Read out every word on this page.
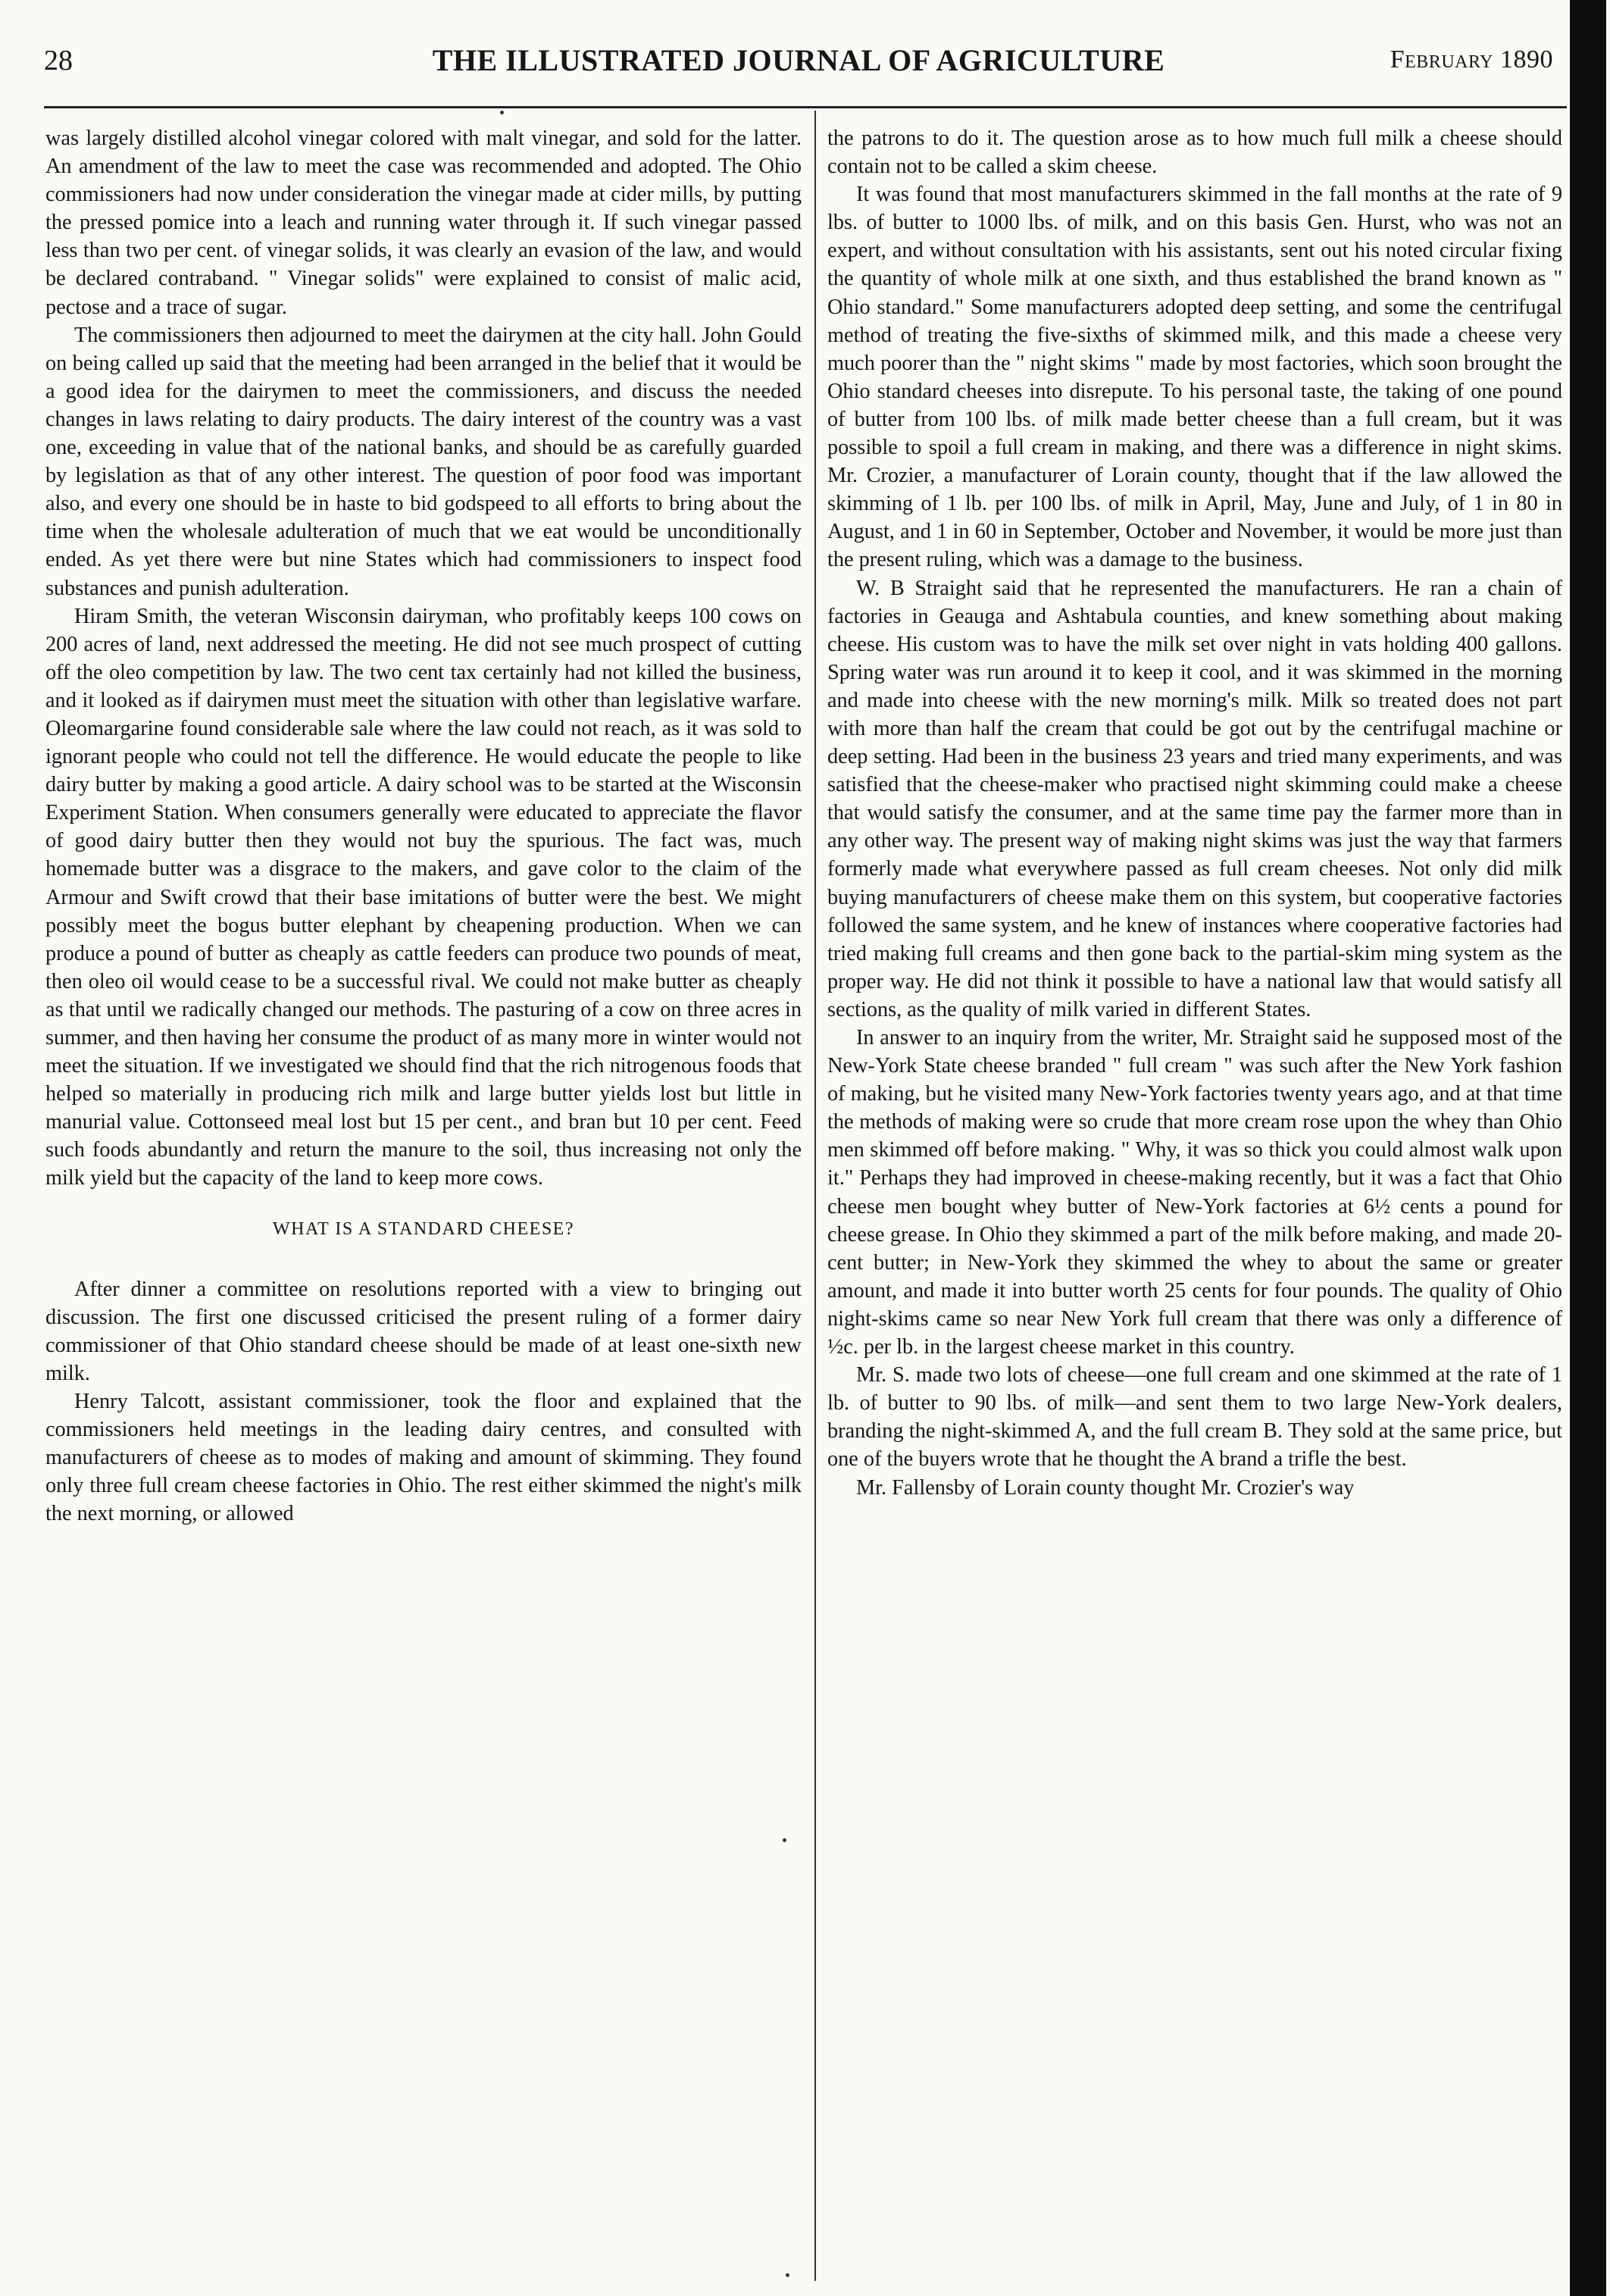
28	THE ILLUSTRATED JOURNAL OF AGRICULTURE	February 1890

was largely distilled alcohol vinegar colored with malt vinegar, and sold for the latter. An amendment of the law to meet the case was recommended and adopted. The Ohio commissioners had now under consideration the vinegar made at cider mills, by putting the pressed pomice into a leach and running water through it. If such vinegar passed less than two per cent. of vinegar solids, it was clearly an evasion of the law, and would be declared contraband. " Vinegar solids" were explained to consist of malic acid, pectose and a trace of sugar.

The commissioners then adjourned to meet the dairymen at the city hall. John Gould on being called up said that the meeting had been arranged in the belief that it would be a good idea for the dairymen to meet the commissioners, and discuss the needed changes in laws relating to dairy products. The dairy interest of the country was a vast one, exceeding in value that of the national banks, and should be as carefully guarded by legislation as that of any other interest. The question of poor food was important also, and every one should be in haste to bid godspeed to all efforts to bring about the time when the wholesale adulteration of much that we eat would be unconditionally ended. As yet there were but nine States which had commissioners to inspect food substances and punish adulteration.

Hiram Smith, the veteran Wisconsin dairyman, who profitably keeps 100 cows on 200 acres of land, next addressed the meeting. He did not see much prospect of cutting off the oleo competition by law. The two cent tax certainly had not killed the business, and it looked as if dairymen must meet the situation with other than legislative warfare. Oleomargarine found considerable sale where the law could not reach, as it was sold to ignorant people who could not tell the difference. He would educate the people to like dairy butter by making a good article. A dairy school was to be started at the Wisconsin Experiment Station. When consumers generally were educated to appreciate the flavor of good dairy butter then they would not buy the spurious. The fact was, much homemade butter was a disgrace to the makers, and gave color to the claim of the Armour and Swift crowd that their base imitations of butter were the best. We might possibly meet the bogus butter elephant by cheapening production. When we can produce a pound of butter as cheaply as cattle feeders can produce two pounds of meat, then oleo oil would cease to be a successful rival. We could not make butter as cheaply as that until we radically changed our methods. The pasturing of a cow on three acres in summer, and then having her consume the product of as many more in winter would not meet the situation. If we investigated we should find that the rich nitrogenous foods that helped so materially in producing rich milk and large butter yields lost but little in manurial value. Cottonseed meal lost but 15 per cent., and bran but 10 per cent. Feed such foods abundantly and return the manure to the soil, thus increasing not only the milk yield but the capacity of the land to keep more cows.

WHAT IS A STANDARD CHEESE?

After dinner a committee on resolutions reported with a view to bringing out discussion. The first one discussed criticised the present ruling of a former dairy commissioner of that Ohio standard cheese should be made of at least one-sixth new milk.

Henry Talcott, assistant commissioner, took the floor and explained that the commissioners held meetings in the leading dairy centres, and consulted with manufacturers of cheese as to modes of making and amount of skimming. They found only three full cream cheese factories in Ohio. The rest either skimmed the night's milk the next morning, or allowed

the patrons to do it. The question arose as to how much full milk a cheese should contain not to be called a skim cheese.

It was found that most manufacturers skimmed in the fall months at the rate of 9 lbs. of butter to 1000 lbs. of milk, and on this basis Gen. Hurst, who was not an expert, and without consultation with his assistants, sent out his noted circular fixing the quantity of whole milk at one sixth, and thus established the brand known as " Ohio standard." Some manufacturers adopted deep setting, and some the centrifugal method of treating the five-sixths of skimmed milk, and this made a cheese very much poorer than the " night skims " made by most factories, which soon brought the Ohio standard cheeses into disrepute. To his personal taste, the taking of one pound of butter from 100 lbs. of milk made better cheese than a full cream, but it was possible to spoil a full cream in making, and there was a difference in night skims. Mr. Crozier, a manufacturer of Lorain county, thought that if the law allowed the skimming of 1 lb. per 100 lbs. of milk in April, May, June and July, of 1 in 80 in August, and 1 in 60 in September, October and November, it would be more just than the present ruling, which was a damage to the business.

W. B Straight said that he represented the manufacturers. He ran a chain of factories in Geauga and Ashtabula counties, and knew something about making cheese. His custom was to have the milk set over night in vats holding 400 gallons. Spring water was run around it to keep it cool, and it was skimmed in the morning and made into cheese with the new morning's milk. Milk so treated does not part with more than half the cream that could be got out by the centrifugal machine or deep setting. Had been in the business 23 years and tried many experiments, and was satisfied that the cheese-maker who practised night skimming could make a cheese that would satisfy the consumer, and at the same time pay the farmer more than in any other way. The present way of making night skims was just the way that farmers formerly made what everywhere passed as full cream cheeses. Not only did milk buying manufacturers of cheese make them on this system, but cooperative factories followed the same system, and he knew of instances where cooperative factories had tried making full creams and then gone back to the partial-skim ming system as the proper way. He did not think it possible to have a national law that would satisfy all sections, as the quality of milk varied in different States.

In answer to an inquiry from the writer, Mr. Straight said he supposed most of the New-York State cheese branded " full cream " was such after the New York fashion of making, but he visited many New-York factories twenty years ago, and at that time the methods of making were so crude that more cream rose upon the whey than Ohio men skimmed off before making. " Why, it was so thick you could almost walk upon it." Perhaps they had improved in cheese-making recently, but it was a fact that Ohio cheese men bought whey butter of New-York factories at 6½ cents a pound for cheese grease. In Ohio they skimmed a part of the milk before making, and made 20-cent butter; in New-York they skimmed the whey to about the same or greater amount, and made it into butter worth 25 cents for four pounds. The quality of Ohio night-skims came so near New York full cream that there was only a difference of ½c. per lb. in the largest cheese market in this country.

Mr. S. made two lots of cheese—one full cream and one skimmed at the rate of 1 lb. of butter to 90 lbs. of milk—and sent them to two large New-York dealers, branding the night-skimmed A, and the full cream B. They sold at the same price, but one of the buyers wrote that he thought the A brand a trifle the best.

Mr. Fallensby of Lorain county thought Mr. Crozier's way
